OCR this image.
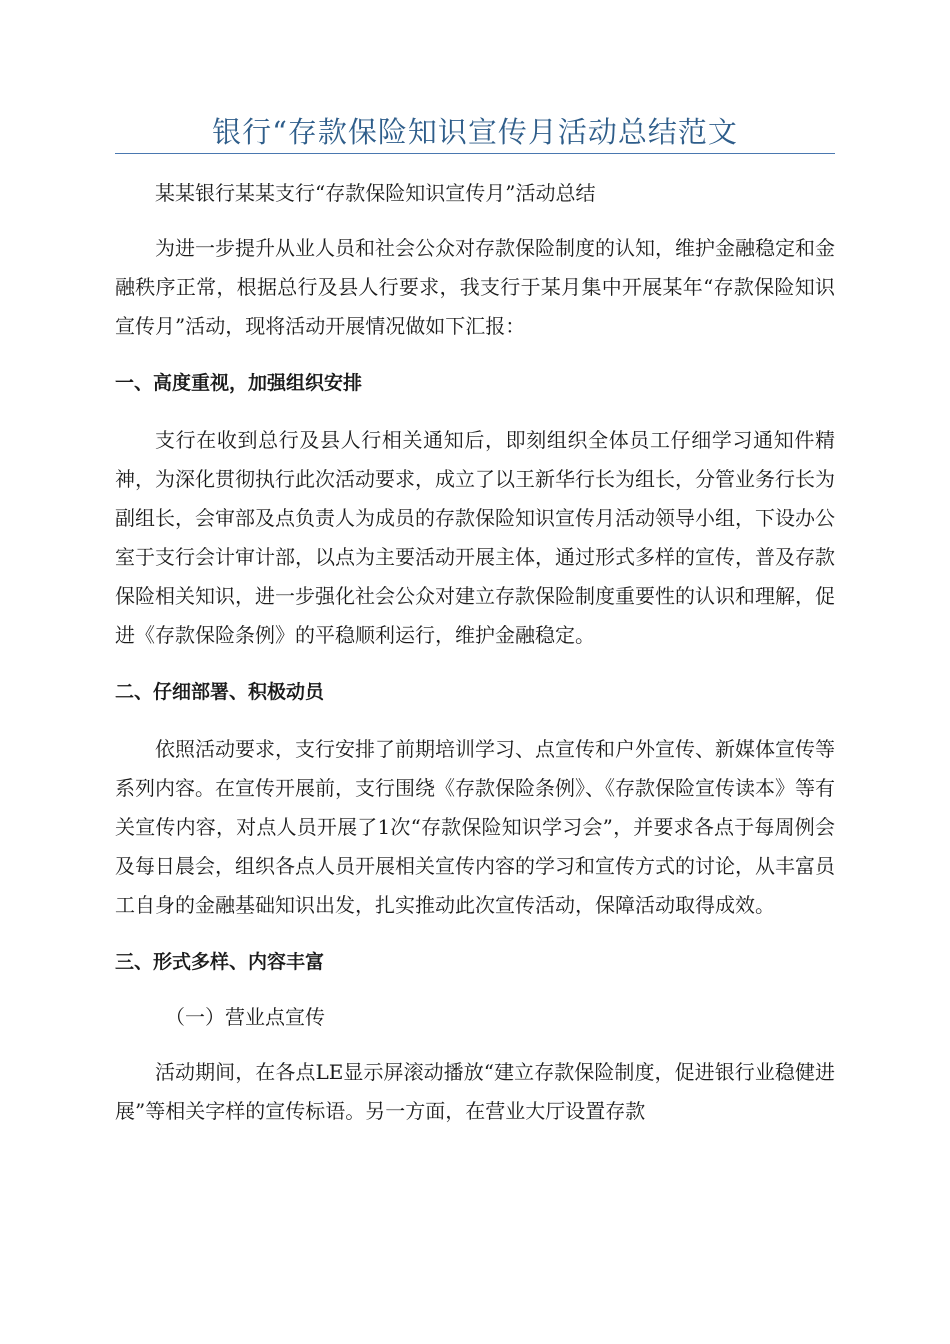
银行“存款保险知识宣传月活动总结范文

某某银行某某支行“存款保险知识宣传月”活动总结

为进一步提升从业人员和社会公众对存款保险制度的认知，维护金融稳定和金融秩序正常，根据总行及县人行要求，我支行于某月集中开展某年“存款保险知识宣传月”活动，现将活动开展情况做如下汇报：

一、高度重视，加强组织安排

支行在收到总行及县人行相关通知后，即刻组织全体员工仔细学习通知件精神，为深化贯彻执行此次活动要求，成立了以王新华行长为组长，分管业务行长为副组长，会审部及点负责人为成员的存款保险知识宣传月活动领导小组，下设办公室于支行会计审计部，以点为主要活动开展主体，通过形式多样的宣传，普及存款保险相关知识，进一步强化社会公众对建立存款保险制度重要性的认识和理解，促进《存款保险条例》的平稳顺利运行，维护金融稳定。

二、仔细部署、积极动员

依照活动要求，支行安排了前期培训学习、点宣传和户外宣传、新媒体宣传等系列内容。在宣传开展前，支行围绕《存款保险条例》、《存款保险宣传读本》等有关宣传内容，对点人员开展了1次“存款保险知识学习会”，并要求各点于每周例会及每日晨会，组织各点人员开展相关宣传内容的学习和宣传方式的讨论，从丰富员工自身的金融基础知识出发，扎实推动此次宣传活动，保障活动取得成效。

三、形式多样、内容丰富

（一）营业点宣传

活动期间，在各点LE显示屏滚动播放“建立存款保险制度，促进银行业稳健进展”等相关字样的宣传标语。另一方面，在营业大厅设置存款
